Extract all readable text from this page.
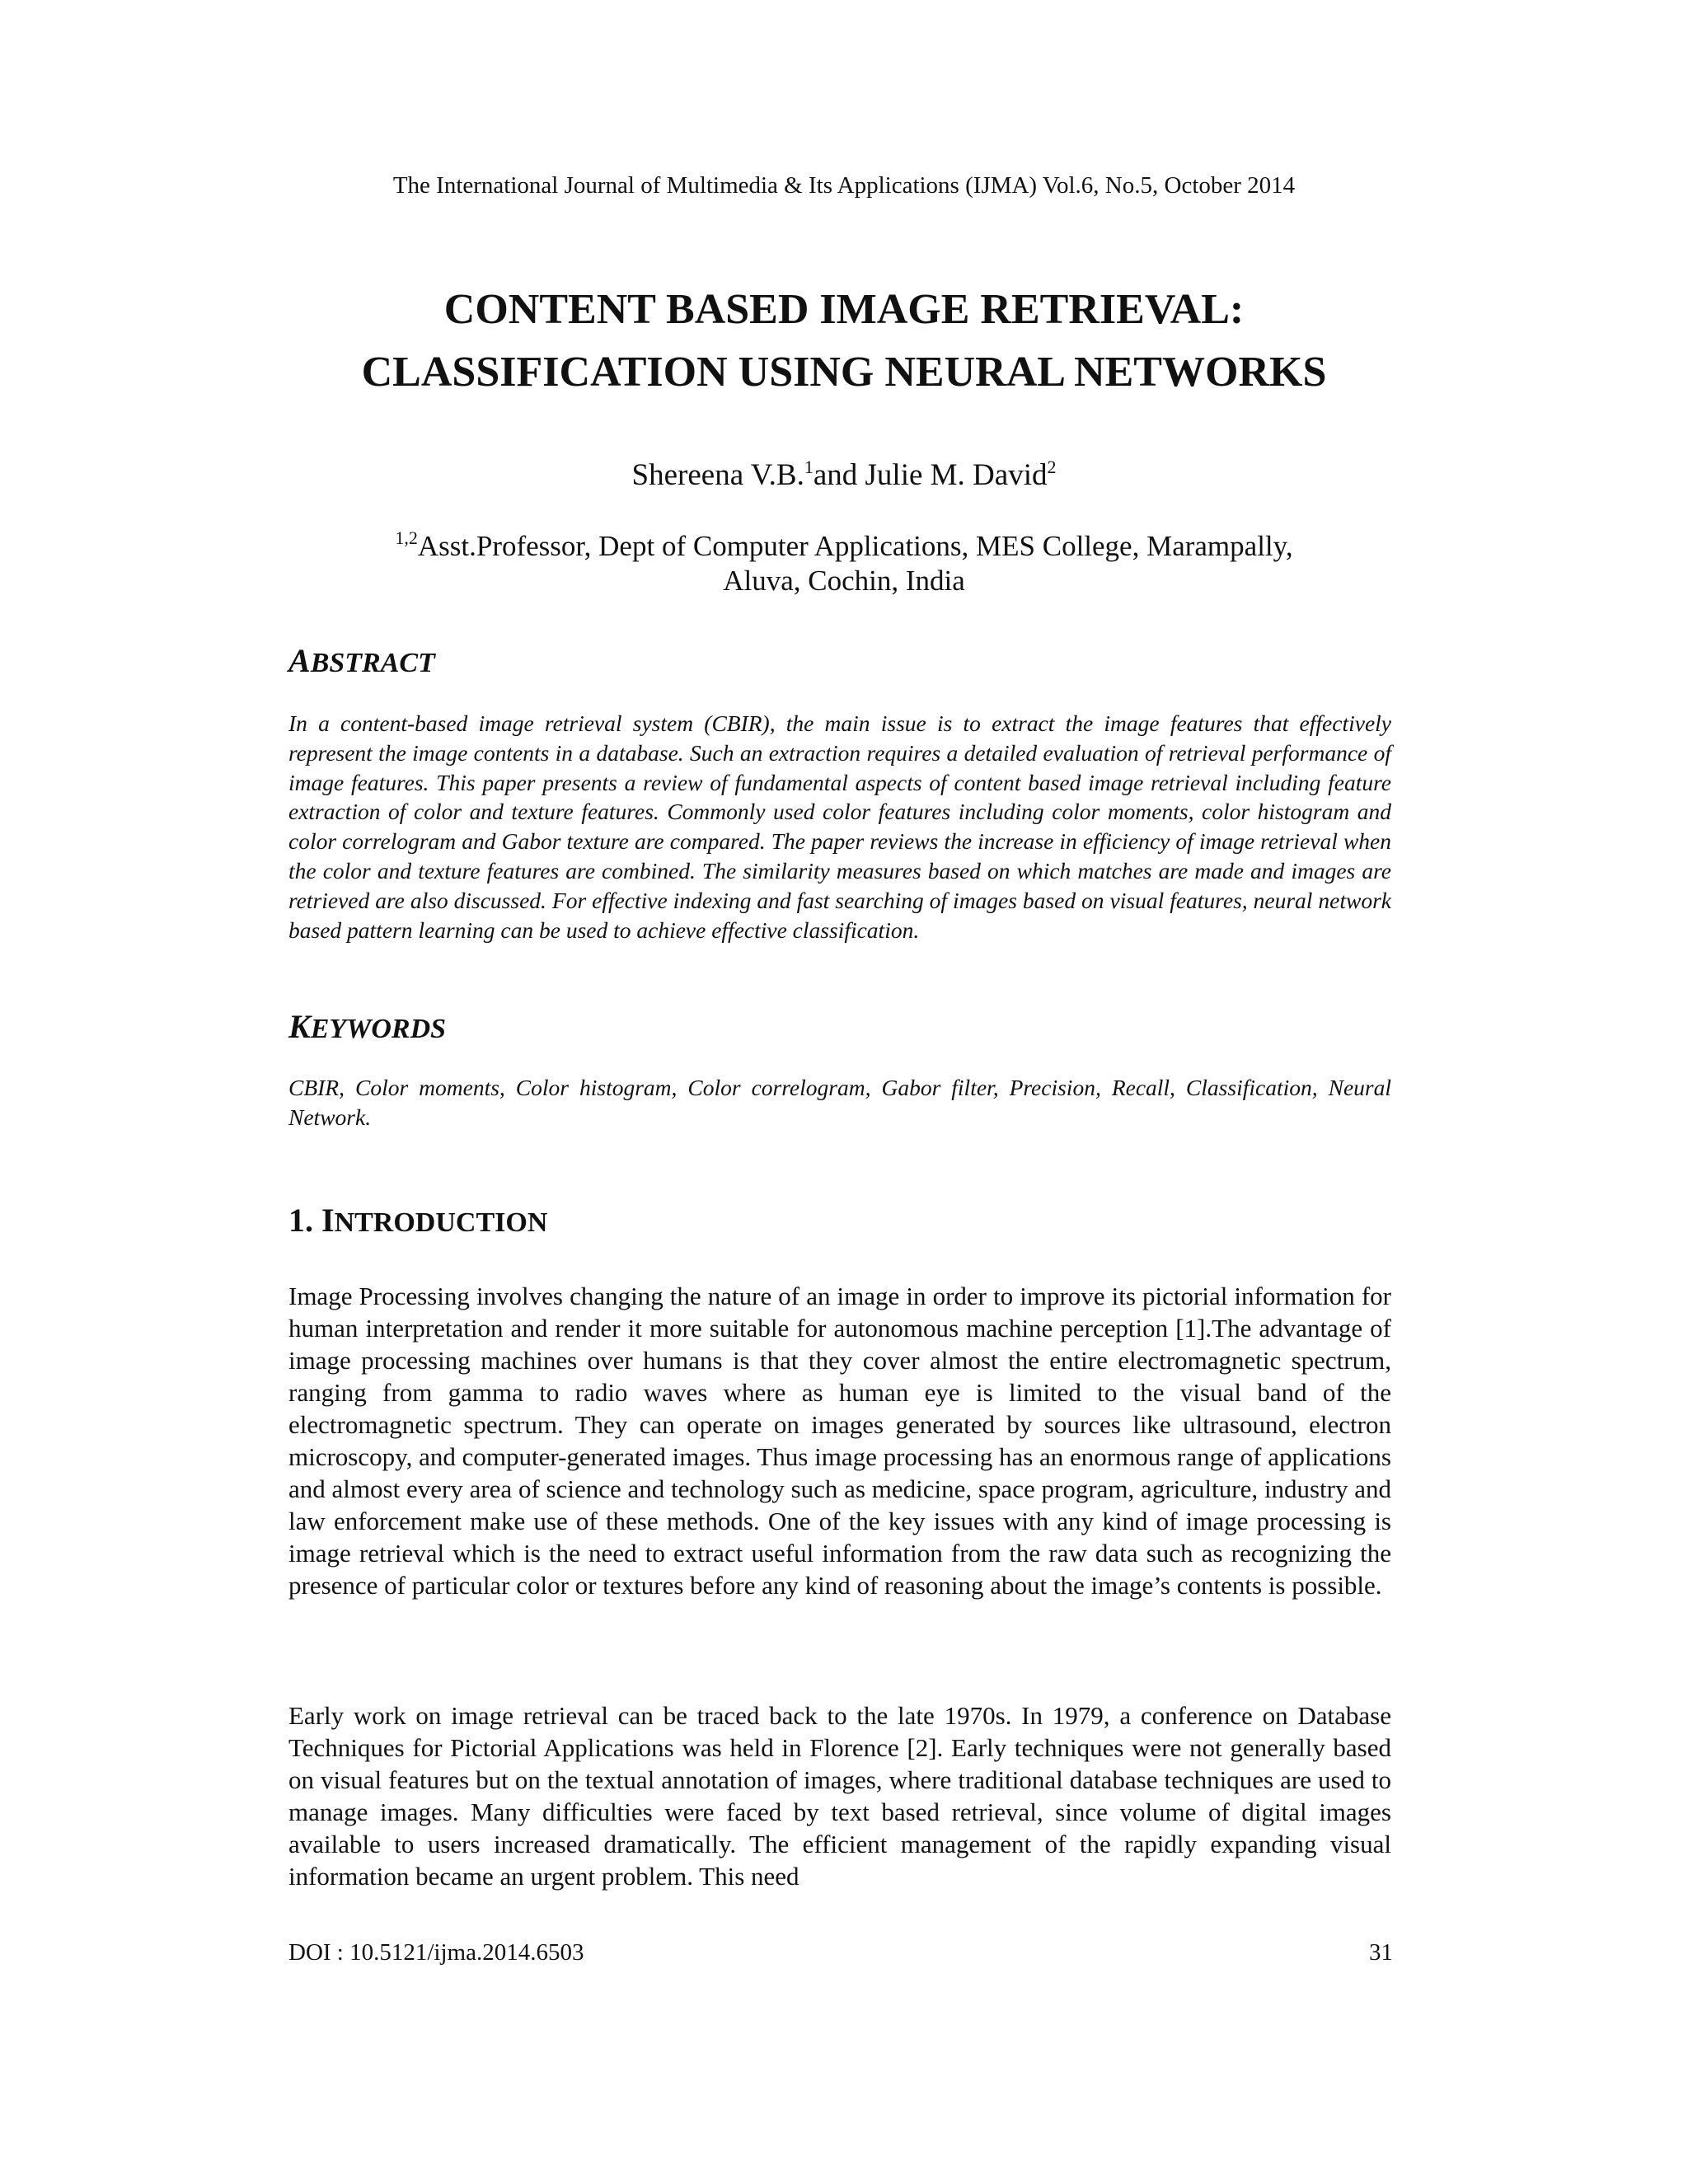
The International Journal of Multimedia & Its Applications (IJMA) Vol.6, No.5, October 2014
CONTENT BASED IMAGE RETRIEVAL:
CLASSIFICATION USING NEURAL NETWORKS
Shereena V.B.$^1$and Julie M. David$^2$
$^{1,2}$Asst.Professor, Dept of Computer Applications, MES College, Marampally,
Aluva, Cochin, India
ABSTRACT
In a content-based image retrieval system (CBIR), the main issue is to extract the image features that effectively represent the image contents in a database. Such an extraction requires a detailed evaluation of retrieval performance of image features. This paper presents a review of fundamental aspects of content based image retrieval including feature extraction of color and texture features. Commonly used color features including color moments, color histogram and color correlogram and Gabor texture are compared. The paper reviews the increase in efficiency of image retrieval when the color and texture features are combined. The similarity measures based on which matches are made and images are retrieved are also discussed. For effective indexing and fast searching of images based on visual features, neural network based pattern learning can be used to achieve effective classification.
KEYWORDS
CBIR, Color moments, Color histogram, Color correlogram, Gabor filter, Precision, Recall, Classification, Neural Network.
1. INTRODUCTION
Image Processing involves changing the nature of an image in order to improve its pictorial information for human interpretation and render it more suitable for autonomous machine perception [1].The advantage of image processing machines over humans is that they cover almost the entire electromagnetic spectrum, ranging from gamma to radio waves where as human eye is limited to the visual band of the electromagnetic spectrum. They can operate on images generated by sources like ultrasound, electron microscopy, and computer-generated images. Thus image processing has an enormous range of applications and almost every area of science and technology such as medicine, space program, agriculture, industry and law enforcement make use of these methods. One of the key issues with any kind of image processing is image retrieval which is the need to extract useful information from the raw data such as recognizing the presence of particular color or textures before any kind of reasoning about the image’s contents is possible.
Early work on image retrieval can be traced back to the late 1970s. In 1979, a conference on Database Techniques for Pictorial Applications was held in Florence [2]. Early techniques were not generally based on visual features but on the textual annotation of images, where traditional database techniques are used to manage images. Many difficulties were faced by text based retrieval, since volume of digital images available to users increased dramatically. The efficient management of the rapidly expanding visual information became an urgent problem. This need
DOI : 10.5121/ijma.2014.6503	31
